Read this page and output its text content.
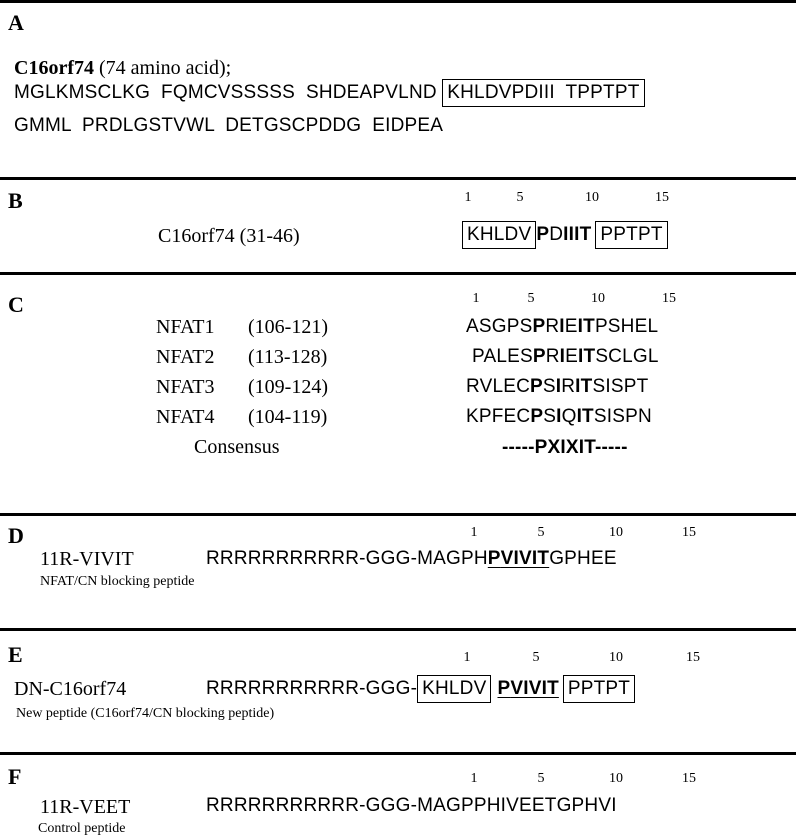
A
C16orf74 (74 amino acid);
MGLKMSCLKG  FQMCVSSSSS  SHDEAPVLND KHLDVPDIII  TPPTPT
GMML  PRDLGSTVWL  DETGSCPDDG  EIDPEA
B	1	5	10	15
C16orf74 (31-46)	KHLDV PDIIIT PPTPT
C	1	5	10	15
NFAT1 (106-121)	ASGPSPRIEITPSHEL
NFAT2 (113-128)	PALESPRIEITSCLGL
NFAT3 (109-124)	RVLECPSIRITSISPT
NFAT4 (104-119)	KPFECPSIQITSISPN
Consensus	-----PXIXIT-----
D	1	5	10	15
11R-VIVIT
NFAT/CN blocking peptide
RRRRRRRRRRR-GGG-MAGPHPVIVITGPHEE
E	1	5	10	15
DN-C16orf74
New peptide (C16orf74/CN blocking peptide)
RRRRRRRRRRR-GGG- KHLDV PVIVIT PPTPT
F	1	5	10	15
11R-VEET
Control peptide
RRRRRRRRRRR-GGG-MAGPPHIVEETGPHVI
